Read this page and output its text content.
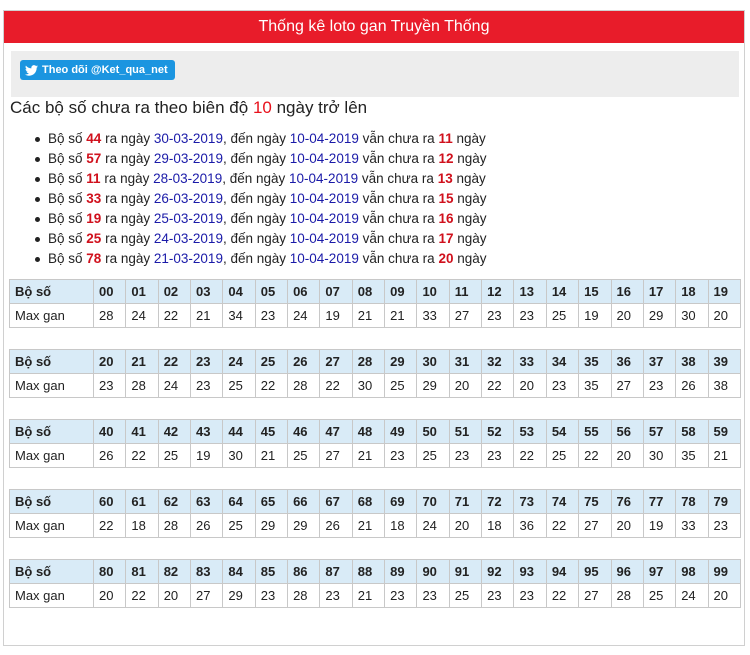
Thống kê loto gan Truyền Thống
Theo dõi @Ket_qua_net
Các bộ số chưa ra theo biên độ 10 ngày trở lên
Bộ số 44 ra ngày 30-03-2019, đến ngày 10-04-2019 vẫn chưa ra 11 ngày
Bộ số 57 ra ngày 29-03-2019, đến ngày 10-04-2019 vẫn chưa ra 12 ngày
Bộ số 11 ra ngày 28-03-2019, đến ngày 10-04-2019 vẫn chưa ra 13 ngày
Bộ số 33 ra ngày 26-03-2019, đến ngày 10-04-2019 vẫn chưa ra 15 ngày
Bộ số 19 ra ngày 25-03-2019, đến ngày 10-04-2019 vẫn chưa ra 16 ngày
Bộ số 25 ra ngày 24-03-2019, đến ngày 10-04-2019 vẫn chưa ra 17 ngày
Bộ số 78 ra ngày 21-03-2019, đến ngày 10-04-2019 vẫn chưa ra 20 ngày
Bộ số	00	01	02	03	04	05	06	07	08	09	10	11	12	13	14	15	16	17	18	19
Max gan	28	24	22	21	34	23	24	19	21	21	33	27	23	23	25	19	20	29	30	20
Bộ số	20	21	22	23	24	25	26	27	28	29	30	31	32	33	34	35	36	37	38	39
Max gan	23	28	24	23	25	22	28	22	30	25	29	20	22	20	23	35	27	23	26	38
Bộ số	40	41	42	43	44	45	46	47	48	49	50	51	52	53	54	55	56	57	58	59
Max gan	26	22	25	19	30	21	25	27	21	23	25	23	23	22	25	22	20	30	35	21
Bộ số	60	61	62	63	64	65	66	67	68	69	70	71	72	73	74	75	76	77	78	79
Max gan	22	18	28	26	25	29	29	26	21	18	24	20	18	36	22	27	20	19	33	23
Bộ số	80	81	82	83	84	85	86	87	88	89	90	91	92	93	94	95	96	97	98	99
Max gan	20	22	20	27	29	23	28	23	21	23	23	25	23	23	22	27	28	25	24	20
